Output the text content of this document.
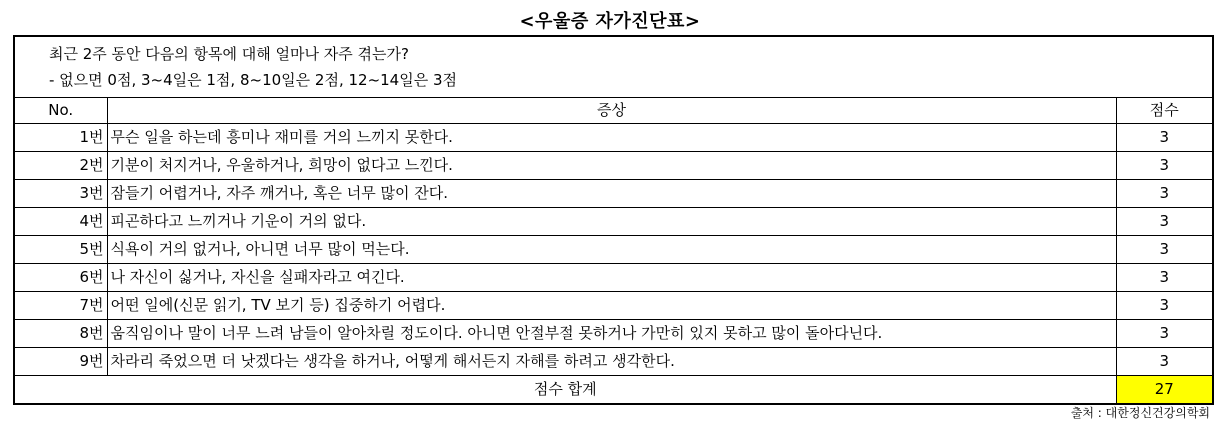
<우울증 자가진단표>
최근 2주 동안 다음의 항목에 대해 얼마나 자주 겪는가?
- 없으면 0점, 3~4일은 1점, 8~10일은 2점, 12~14일은 3점		

No.	증상	점수
1번	무슨 일을 하는데 흥미나 재미를 거의 느끼지 못한다.	3
2번	기분이 처지거나, 우울하거나, 희망이 없다고 느낀다.	3
3번	잠들기 어렵거나, 자주 깨거나, 혹은 너무 많이 잔다.	3
4번	피곤하다고 느끼거나 기운이 거의 없다.	3
5번	식욕이 거의 없거나, 아니면 너무 많이 먹는다.	3
6번	나 자신이 싫거나, 자신을 실패자라고 여긴다.	3
7번	어떤 일에(신문 읽기, TV 보기 등) 집중하기 어렵다.	3
8번	움직임이나 말이 너무 느려 남들이 알아차릴 정도이다. 아니면 안절부절 못하거나 가만히 있지 못하고 많이 돌아다닌다.	3
9번	차라리 죽었으면 더 낫겠다는 생각을 하거나, 어떻게 해서든지 자해를 하려고 생각한다.	3
점수 합계		27
출처 : 대한정신건강의학회
